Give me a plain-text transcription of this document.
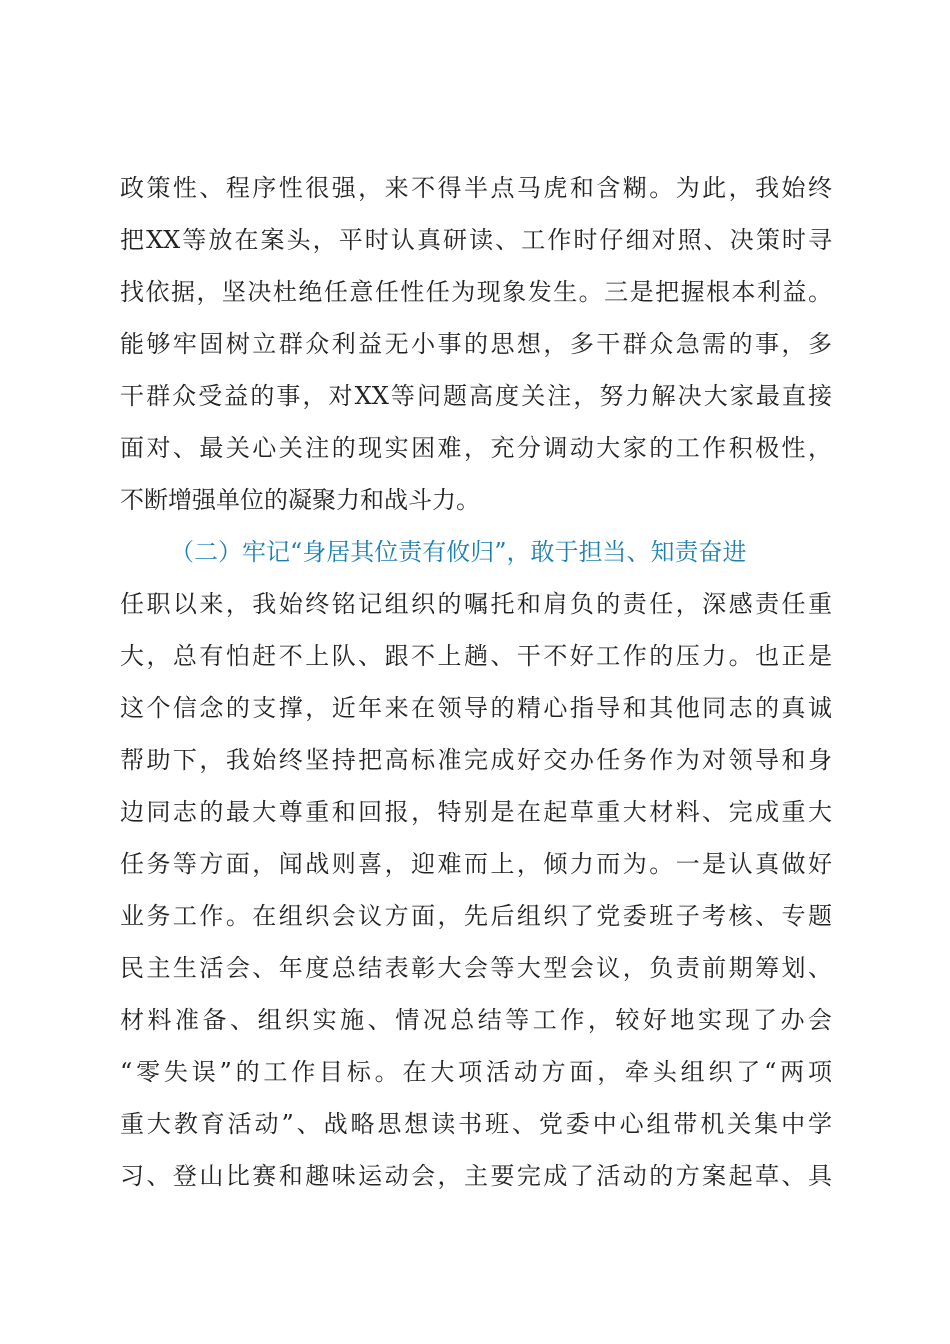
政策性、程序性很强，来不得半点马虎和含糊。为此，我始终
把XX等放在案头，平时认真研读、工作时仔细对照、决策时寻
找依据，坚决杜绝任意任性任为现象发生。三是把握根本利益。
能够牢固树立群众利益无小事的思想，多干群众急需的事，多
干群众受益的事，对XX等问题高度关注，努力解决大家最直接
面对、最关心关注的现实困难，充分调动大家的工作积极性，
不断增强单位的凝聚力和战斗力。
（二）牢记“身居其位责有攸归”，敢于担当、知责奋进
任职以来，我始终铭记组织的嘱托和肩负的责任，深感责任重
大，总有怕赶不上队、跟不上趟、干不好工作的压力。也正是
这个信念的支撑，近年来在领导的精心指导和其他同志的真诚
帮助下，我始终坚持把高标准完成好交办任务作为对领导和身
边同志的最大尊重和回报，特别是在起草重大材料、完成重大
任务等方面，闻战则喜，迎难而上，倾力而为。一是认真做好
业务工作。在组织会议方面，先后组织了党委班子考核、专题
民主生活会、年度总结表彰大会等大型会议，负责前期筹划、
材料准备、组织实施、情况总结等工作，较好地实现了办会
“零失误”的工作目标。在大项活动方面，牵头组织了“两项
重大教育活动”、战略思想读书班、党委中心组带机关集中学
习、登山比赛和趣味运动会，主要完成了活动的方案起草、具
